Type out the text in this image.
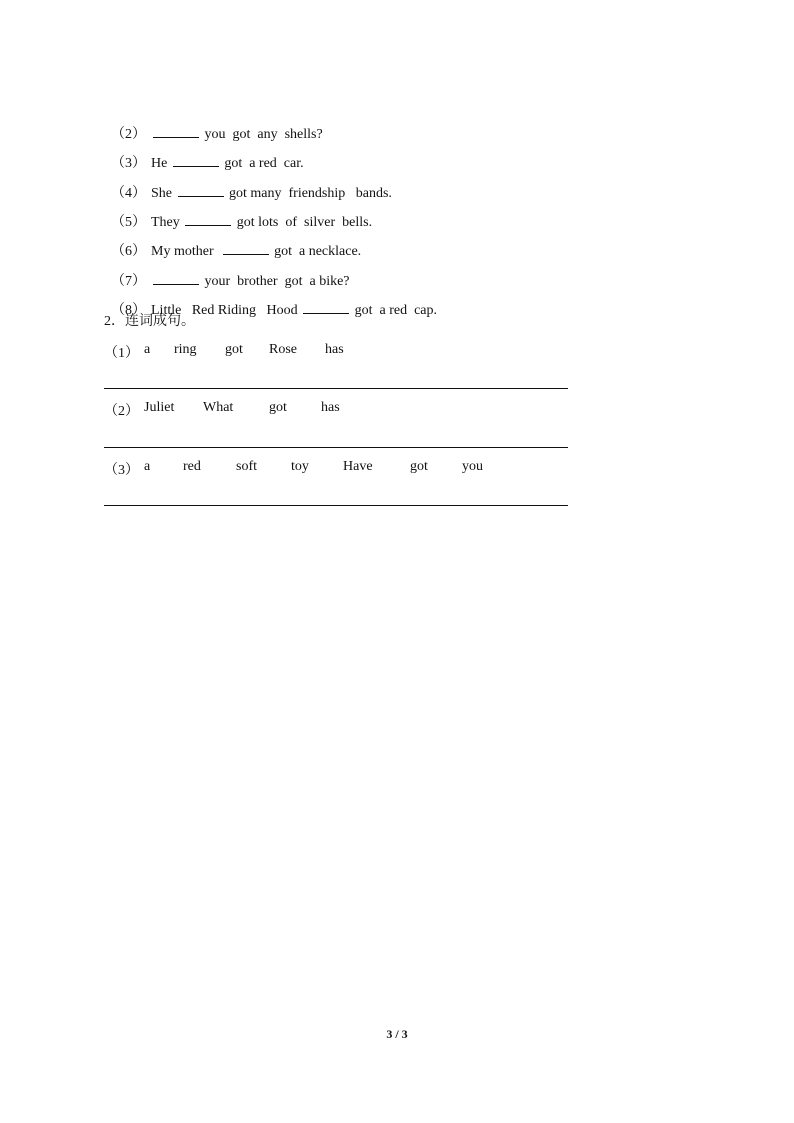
（2）	you  got  any  shells?

（3） He	got  a red  car.

（4） She	got many  friendship   bands.

（5） They	got lots  of  silver  bells.

（6） My mother	got  a necklace.

（7）	your  brother  got  a bike?

（8） Little   Red Riding   Hood	got  a red  cap.

2．连词成句。
（1） a ring got Rose has
（2） Juliet What	got has
（3） a red	soft toy Have	got you
3 / 3
